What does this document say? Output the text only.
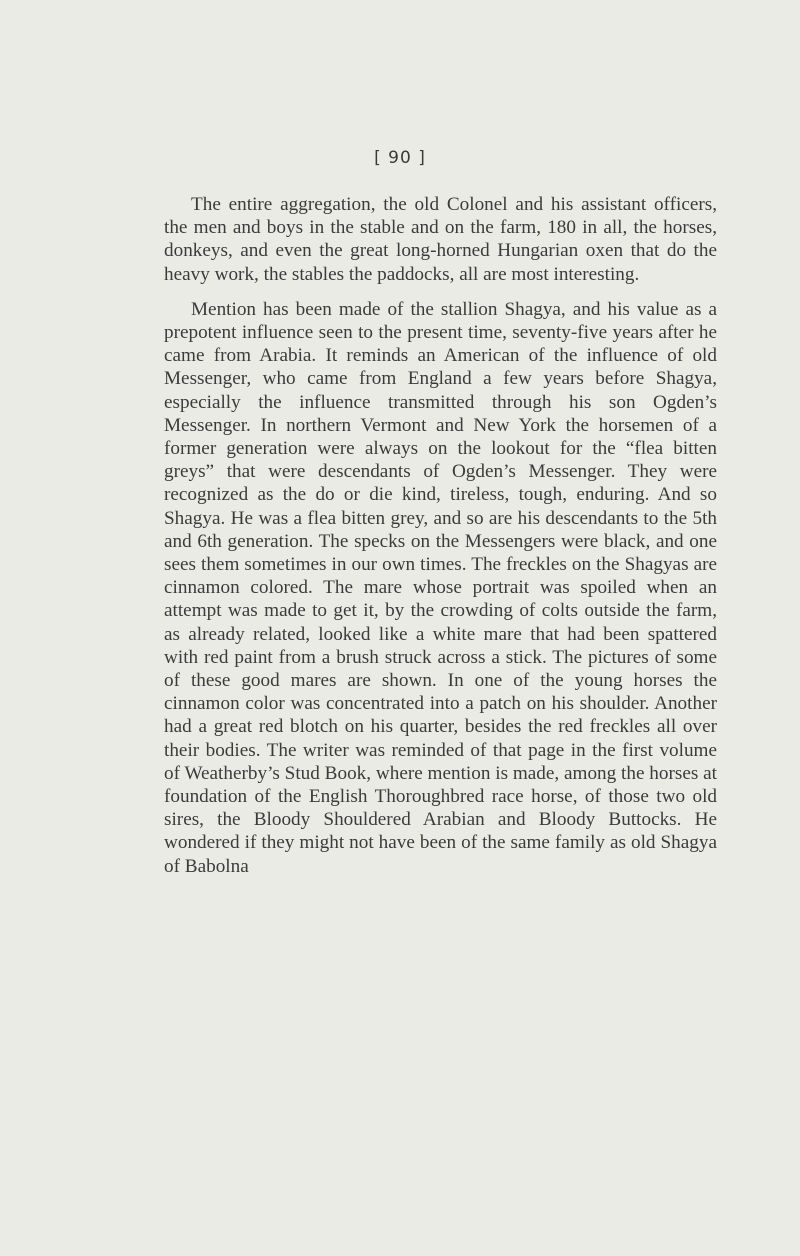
[ 90 ]

The entire aggregation, the old Colonel and his assistant officers, the men and boys in the stable and on the farm, 180 in all, the horses, donkeys, and even the great long-horned Hungarian oxen that do the heavy work, the stables the paddocks, all are most interesting.

Mention has been made of the stallion Shagya, and his value as a prepotent influence seen to the present time, seventy-five years after he came from Arabia. It reminds an American of the influence of old Messenger, who came from England a few years before Shagya, especially the influence transmitted through his son Ogden’s Messenger. In northern Vermont and New York the horsemen of a former generation were always on the lookout for the “flea bitten greys” that were descendants of Ogden’s Messenger. They were recognized as the do or die kind, tireless, tough, enduring. And so Shagya. He was a flea bitten grey, and so are his descendants to the 5th and 6th generation. The specks on the Messengers were black, and one sees them sometimes in our own times. The freckles on the Shagyas are cinnamon colored. The mare whose portrait was spoiled when an attempt was made to get it, by the crowding of colts outside the farm, as already related, looked like a white mare that had been spattered with red paint from a brush struck across a stick. The pictures of some of these good mares are shown. In one of the young horses the cinnamon color was concentrated into a patch on his shoulder. Another had a great red blotch on his quarter, besides the red freckles all over their bodies. The writer was reminded of that page in the first volume of Weatherby’s Stud Book, where mention is made, among the horses at foundation of the English Thoroughbred race horse, of those two old sires, the Bloody Shouldered Arabian and Bloody Buttocks. He wondered if they might not have been of the same family as old Shagya of Babolna
